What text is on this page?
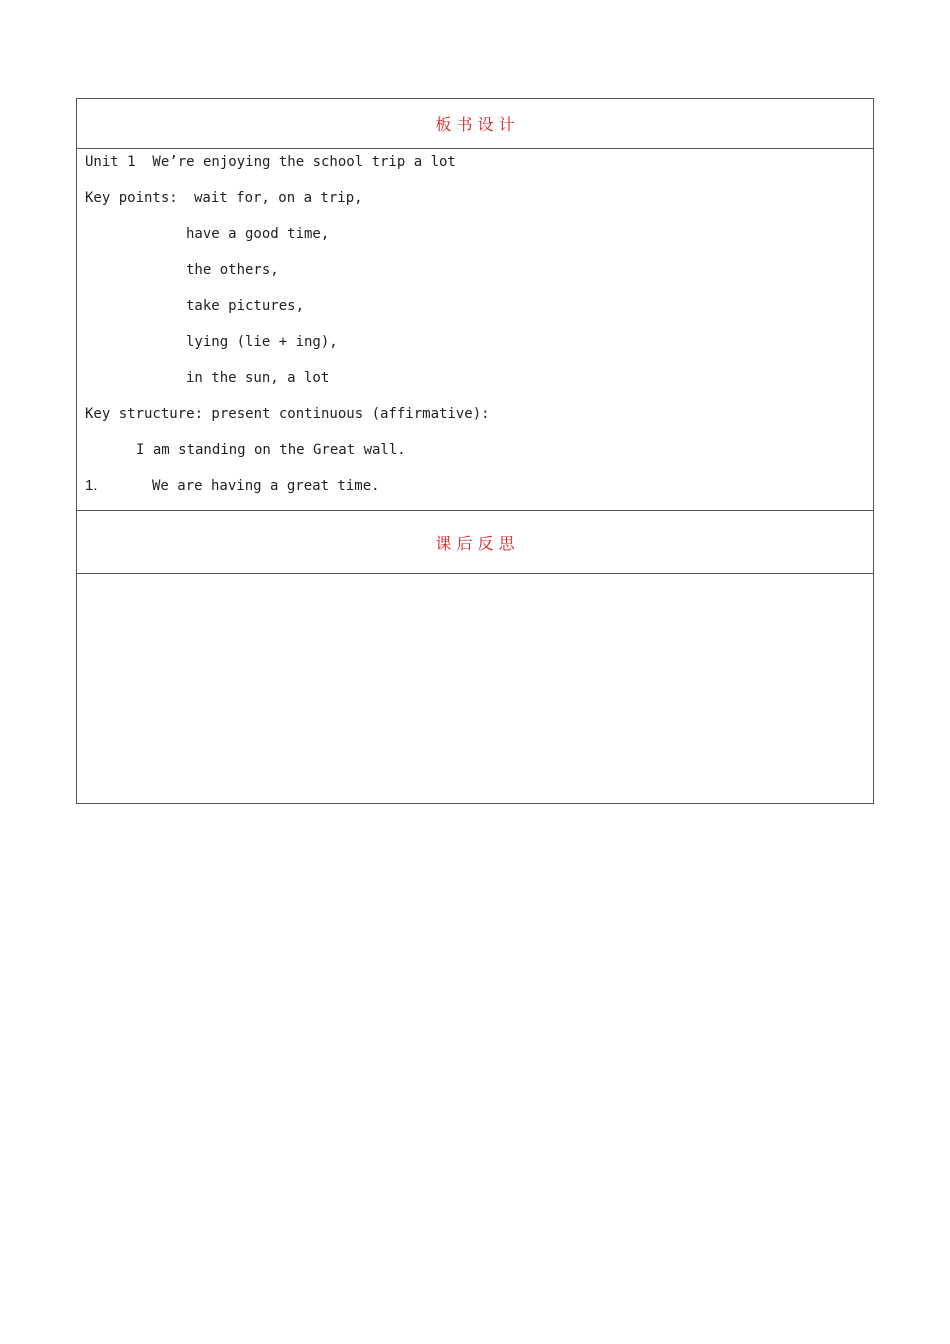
板 书 设 计
Unit 1  We’re enjoying the school trip a lot
Key points: wait for, on a trip,
have a good time,
the others,
take pictures,
lying (lie + ing),
in the sun, a lot
Key structure: present continuous (affirmative):
I am standing on the Great wall.
1.	We are having a great time.
课 后 反 思
